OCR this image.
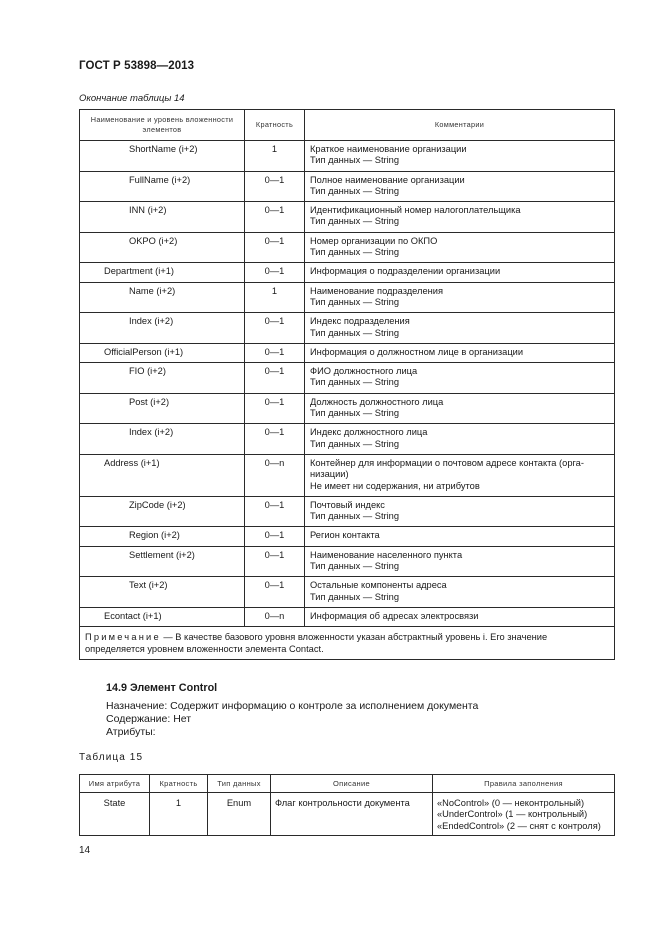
ГОСТ Р 53898—2013
Окончание таблицы 14
Наименование и уровень вложенности элементов	Кратность	Комментарии
ShortName (i+2)	1	Краткое наименование организации
Тип данных — String

FullName (i+2)	0—1	Полное наименование организации
Тип данных — String

INN (i+2)	0—1	Идентификационный номер налогоплательщика
Тип данных — String

OKPO (i+2)	0—1	Номер организации по ОКПО
Тип данных — String

Department (i+1)	0—1	Информация о подразделении организации

Name (i+2)	1	Наименование подразделения
Тип данных — String

Index (i+2)	0—1	Индекс подразделения
Тип данных — String

OfficialPerson (i+1)	0—1	Информация о должностном лице в организации

FIO (i+2)	0—1	ФИО должностного лица
Тип данных — String

Post (i+2)	0—1	Должность должностного лица
Тип данных — String

Index (i+2)	0—1	Индекс должностного лица
Тип данных — String

Address (i+1)	0—n	Контейнер для информации о почтовом адресе контакта (орга-
низации)
Не имеет ни содержания, ни атрибутов

ZipCode (i+2)	0—1	Почтовый индекс
Тип данных — String

Region (i+2)	0—1	Регион контакта

Settlement (i+2)	0—1	Наименование населенного пункта
Тип данных — String

Text (i+2)	0—1	Остальные компоненты адреса
Тип данных — String

Econtact (i+1)	0—n	Информация об адресах электросвязи

Примечание — В качестве базового уровня вложенности указан абстрактный уровень i. Его значение определяется уровнем вложенности элемента Contact.		
14.9 Элемент Control
Назначение: Содержит информацию о контроле за исполнением документа
Содержание: Нет
Атрибуты:
Таблица 15
Имя атрибута	Кратность	Тип данных	Описание	Правила заполнения
State	1	Enum	Флаг контрольности документа	«NoControl» (0 — неконтрольный)
«UnderControl» (1 — контрольный)
«EndedControl» (2 — снят с контроля)
14
